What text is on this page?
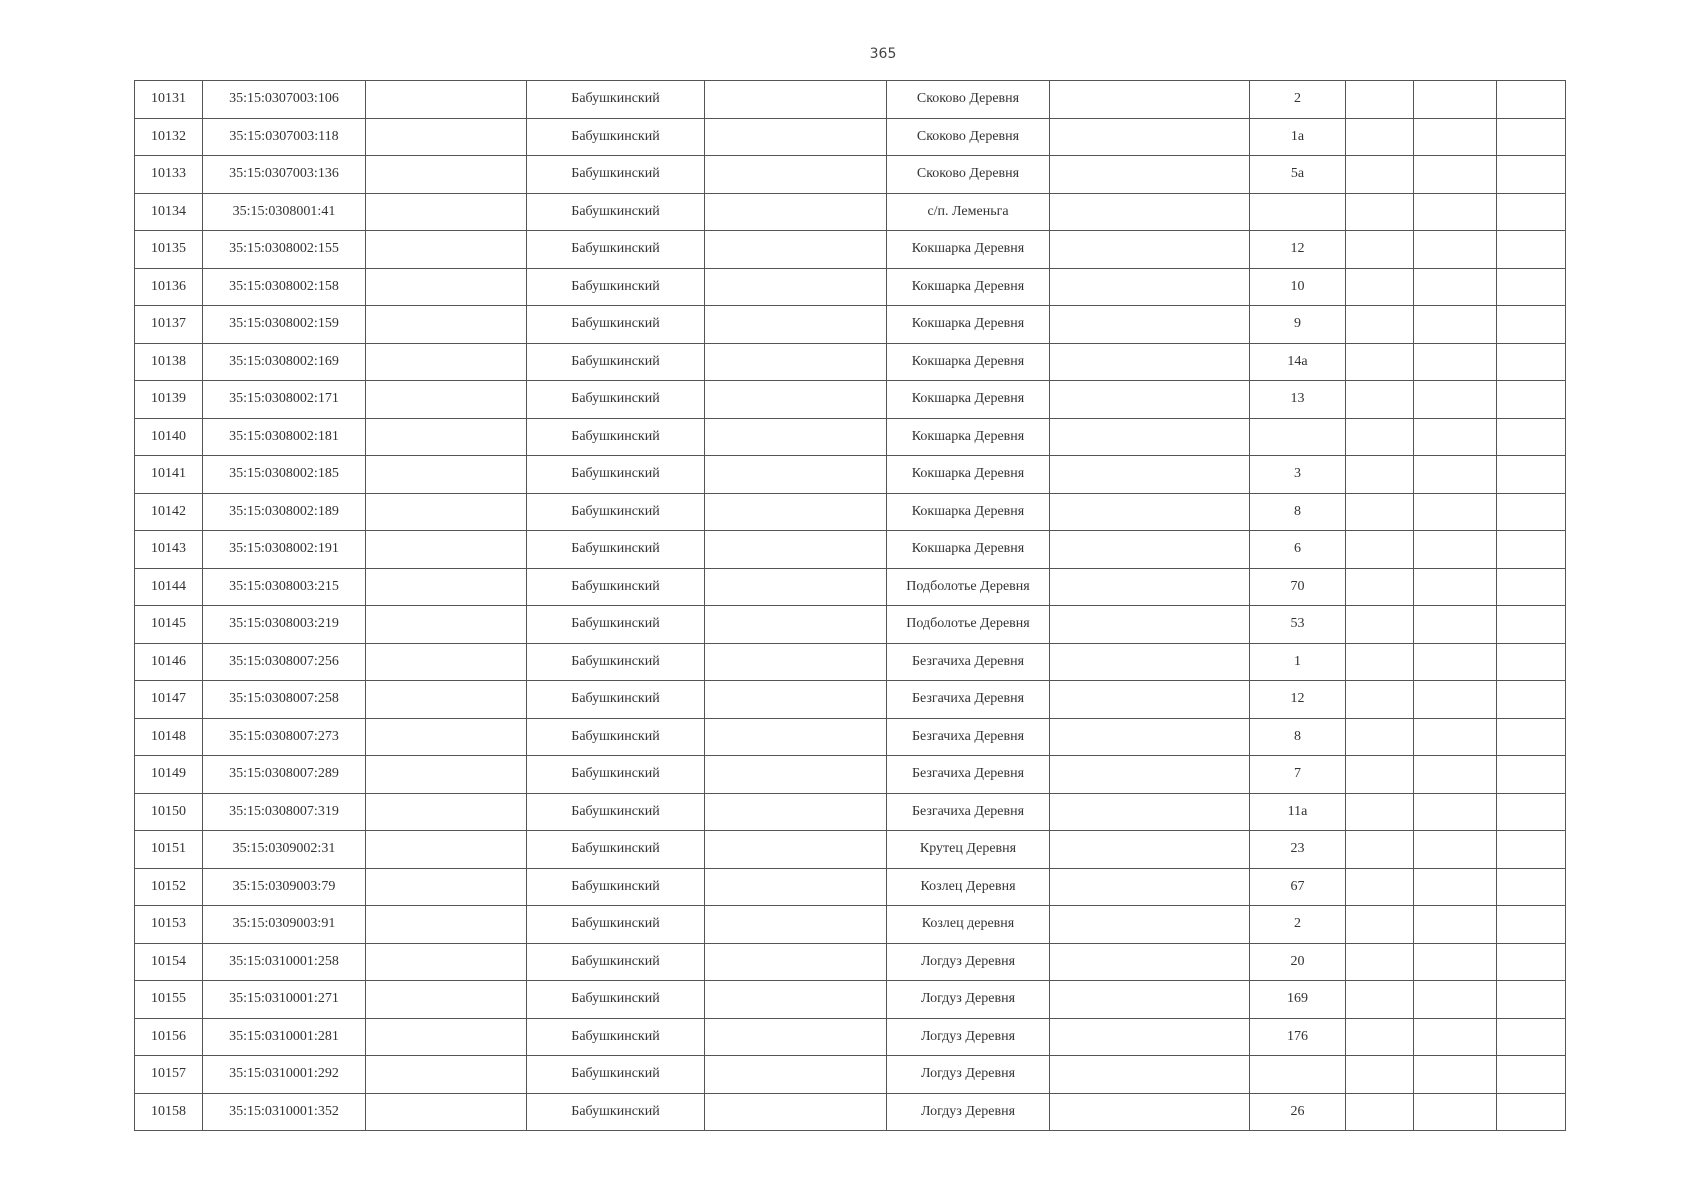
365
10131	35:15:0307003:106		Бабушкинский		Скоково Деревня		2			
10132	35:15:0307003:118		Бабушкинский		Скоково Деревня		1а			
10133	35:15:0307003:136		Бабушкинский		Скоково Деревня		5а			
10134	35:15:0308001:41		Бабушкинский		с/п. Леменьга					
10135	35:15:0308002:155		Бабушкинский		Кокшарка Деревня		12			
10136	35:15:0308002:158		Бабушкинский		Кокшарка Деревня		10			
10137	35:15:0308002:159		Бабушкинский		Кокшарка Деревня		9			
10138	35:15:0308002:169		Бабушкинский		Кокшарка Деревня		14а			
10139	35:15:0308002:171		Бабушкинский		Кокшарка Деревня		13			
10140	35:15:0308002:181		Бабушкинский		Кокшарка Деревня					
10141	35:15:0308002:185		Бабушкинский		Кокшарка Деревня		3			
10142	35:15:0308002:189		Бабушкинский		Кокшарка Деревня		8			
10143	35:15:0308002:191		Бабушкинский		Кокшарка Деревня		6			
10144	35:15:0308003:215		Бабушкинский		Подболотье Деревня		70			
10145	35:15:0308003:219		Бабушкинский		Подболотье Деревня		53			
10146	35:15:0308007:256		Бабушкинский		Безгачиха Деревня		1			
10147	35:15:0308007:258		Бабушкинский		Безгачиха Деревня		12			
10148	35:15:0308007:273		Бабушкинский		Безгачиха Деревня		8			
10149	35:15:0308007:289		Бабушкинский		Безгачиха Деревня		7			
10150	35:15:0308007:319		Бабушкинский		Безгачиха Деревня		11а			
10151	35:15:0309002:31		Бабушкинский		Крутец Деревня		23			
10152	35:15:0309003:79		Бабушкинский		Козлец Деревня		67			
10153	35:15:0309003:91		Бабушкинский		Козлец деревня		2			
10154	35:15:0310001:258		Бабушкинский		Логдуз Деревня		20			
10155	35:15:0310001:271		Бабушкинский		Логдуз Деревня		169			
10156	35:15:0310001:281		Бабушкинский		Логдуз Деревня		176			
10157	35:15:0310001:292		Бабушкинский		Логдуз Деревня					
10158	35:15:0310001:352		Бабушкинский		Логдуз Деревня		26			
